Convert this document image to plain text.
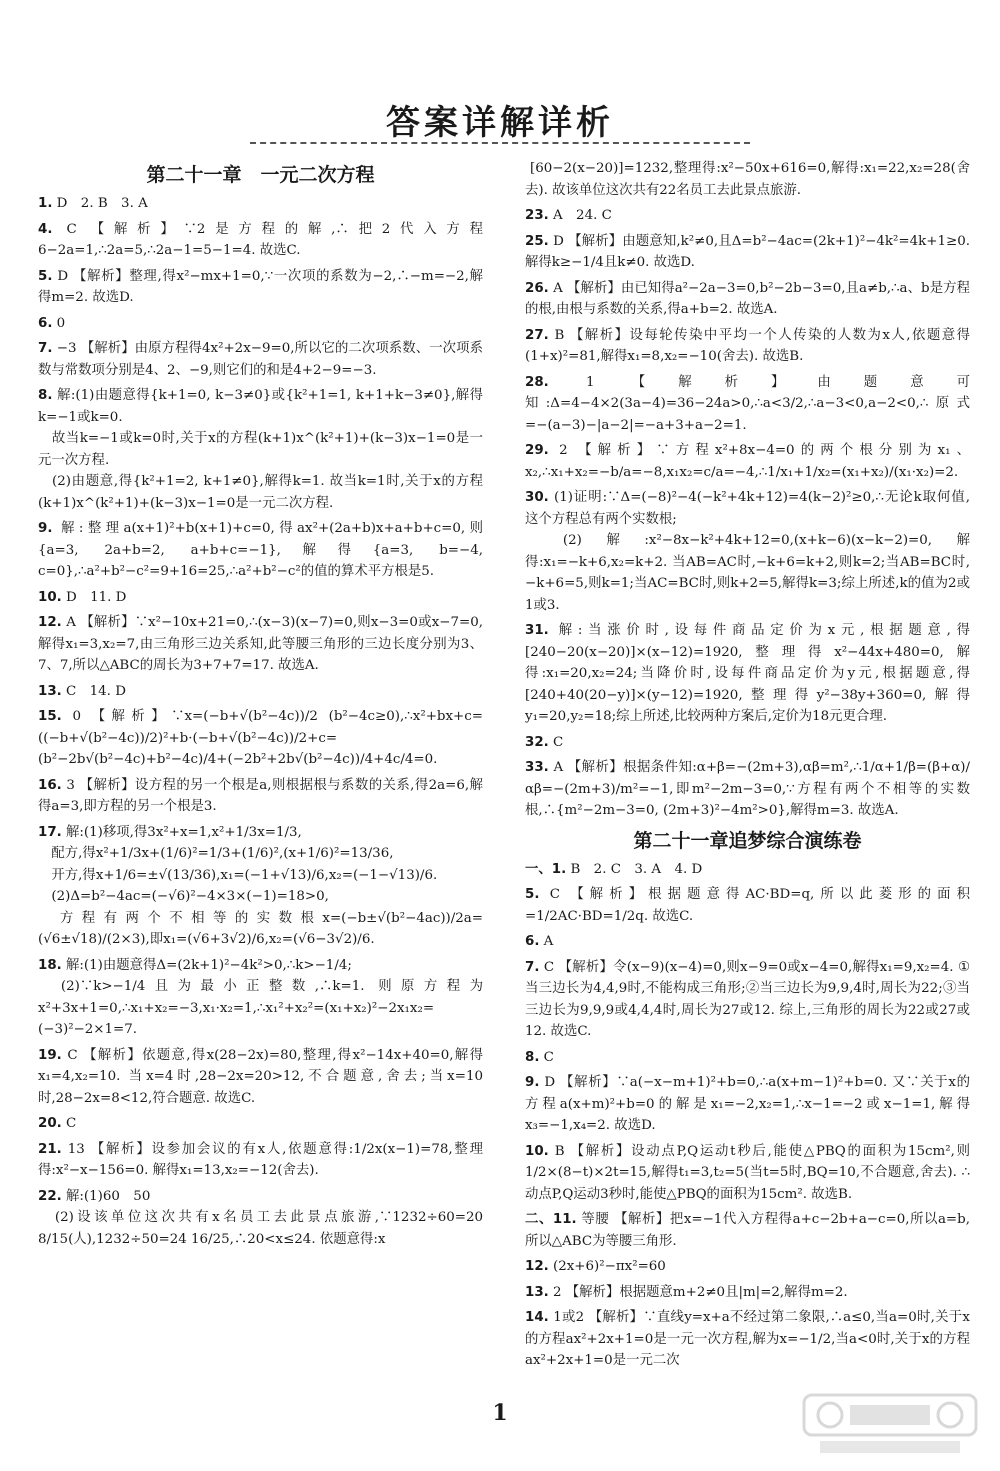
答案详解详析
第二十一章　一元二次方程

1. D　2. B　3. A

4. C 【解析】∵2是方程的解,∴把2代入方程6−2a=1,∴2a=5,∴2a−1=5−1=4. 故选C.

5. D 【解析】整理,得x²−mx+1=0,∵一次项的系数为−2,∴−m=−2,解得m=2. 故选D.

6. 0

7. −3 【解析】由原方程得4x²+2x−9=0,所以它的二次项系数、一次项系数与常数项分别是4、2、−9,则它们的和是4+2−9=−3.

8. 解:(1)由题意得{k+1=0, k−3≠0}或{k²+1=1, k+1+k−3≠0},解得k=−1或k=0.
　故当k=−1或k=0时,关于x的方程(k+1)x^(k²+1)+(k−3)x−1=0是一元一次方程.
　(2)由题意,得{k²+1=2, k+1≠0},解得k=1. 故当k=1时,关于x的方程(k+1)x^(k²+1)+(k−3)x−1=0是一元二次方程.

9. 解:整理a(x+1)²+b(x+1)+c=0,得ax²+(2a+b)x+a+b+c=0,则{a=3, 2a+b=2, a+b+c=−1},解得{a=3, b=−4, c=0},∴a²+b²−c²=9+16=25,∴a²+b²−c²的值的算术平方根是5.

10. D　11. D

12. A 【解析】∵x²−10x+21=0,∴(x−3)(x−7)=0,则x−3=0或x−7=0,解得x₁=3,x₂=7,由三角形三边关系知,此等腰三角形的三边长度分别为3、7、7,所以△ABC的周长为3+7+7=17. 故选A.

13. C　14. D

15. 0 【解析】∵x=(−b+√(b²−4c))/2 (b²−4c≥0),∴x²+bx+c=((−b+√(b²−4c))/2)²+b·(−b+√(b²−4c))/2+c=(b²−2b√(b²−4c)+b²−4c)/4+(−2b²+2b√(b²−4c))/4+4c/4=0.

16. 3 【解析】设方程的另一个根是a,则根据根与系数的关系,得2a=6,解得a=3,即方程的另一个根是3.

17. 解:(1)移项,得3x²+x=1,x²+1/3x=1/3,
　配方,得x²+1/3x+(1/6)²=1/3+(1/6)²,(x+1/6)²=13/36,
　开方,得x+1/6=±√(13/36),x₁=(−1+√13)/6,x₂=(−1−√13)/6.
　(2)Δ=b²−4ac=(−√6)²−4×3×(−1)=18>0,
　方程有两个不相等的实数根x=(−b±√(b²−4ac))/2a=(√6±√18)/(2×3),即x₁=(√6+3√2)/6,x₂=(√6−3√2)/6.

18. 解:(1)由题意得Δ=(2k+1)²−4k²>0,∴k>−1/4;
　(2)∵k>−1/4且为最小正整数,∴k=1. 则原方程为x²+3x+1=0,∴x₁+x₂=−3,x₁·x₂=1,∴x₁²+x₂²=(x₁+x₂)²−2x₁x₂=(−3)²−2×1=7.

19. C 【解析】依题意,得x(28−2x)=80,整理,得x²−14x+40=0,解得x₁=4,x₂=10. 当x=4时,28−2x=20>12,不合题意,舍去;当x=10时,28−2x=8<12,符合题意. 故选C.

20. C

21. 13 【解析】设参加会议的有x人,依题意得:1/2x(x−1)=78,整理得:x²−x−156=0. 解得x₁=13,x₂=−12(舍去).

22. 解:(1)60　50
　(2)设该单位这次共有x名员工去此景点旅游,∵1232÷60=20 8/15(人),1232÷50=24 16/25,∴20<x≤24. 依题意得:x

[60−2(x−20)]=1232,整理得:x²−50x+616=0,解得:x₁=22,x₂=28(舍去). 故该单位这次共有22名员工去此景点旅游.

23. A　24. C

25. D 【解析】由题意知,k²≠0,且Δ=b²−4ac=(2k+1)²−4k²=4k+1≥0. 解得k≥−1/4且k≠0. 故选D.

26. A 【解析】由已知得a²−2a−3=0,b²−2b−3=0,且a≠b,∴a、b是方程的根,由根与系数的关系,得a+b=2. 故选A.

27. B 【解析】设每轮传染中平均一个人传染的人数为x人,依题意得(1+x)²=81,解得x₁=8,x₂=−10(舍去). 故选B.

28.	1 【解析】由题意可知:Δ=4−4×2(3a−4)=36−24a>0,∴a<3/2,∴a−3<0,a−2<0,∴原式=−(a−3)−|a−2|=−a+3+a−2=1.

29. 2 【解析】∵方程x²+8x−4=0的两个根分别为x₁、x₂,∴x₁+x₂=−b/a=−8,x₁x₂=c/a=−4,∴1/x₁+1/x₂=(x₁+x₂)/(x₁·x₂)=2.

30. (1)证明:∵Δ=(−8)²−4(−k²+4k+12)=4(k−2)²≥0,∴无论k取何值,这个方程总有两个实数根;
　(2)解:x²−8x−k²+4k+12=0,(x+k−6)(x−k−2)=0,解得:x₁=−k+6,x₂=k+2. 当AB=AC时,−k+6=k+2,则k=2;当AB=BC时,−k+6=5,则k=1;当AC=BC时,则k+2=5,解得k=3;综上所述,k的值为2或1或3.

31. 解:当涨价时,设每件商品定价为x元,根据题意,得[240−20(x−20)]×(x−12)=1920,整理得x²−44x+480=0,解得:x₁=20,x₂=24;当降价时,设每件商品定价为y元,根据题意,得[240+40(20−y)]×(y−12)=1920,整理得y²−38y+360=0,解得y₁=20,y₂=18;综上所述,比较两种方案后,定价为18元更合理.

32. C

33. A 【解析】根据条件知:α+β=−(2m+3),αβ=m²,∴1/α+1/β=(β+α)/αβ=−(2m+3)/m²=−1,即m²−2m−3=0,∵方程有两个不相等的实数根,∴{m²−2m−3=0, (2m+3)²−4m²>0},解得m=3. 故选A.

第二十一章追梦综合演练卷

一、1. B　2. C　3. A　4. D

5. C 【解析】根据题意得AC·BD=q,所以此菱形的面积=1/2AC·BD=1/2q. 故选C.

6. A

7. C 【解析】令(x−9)(x−4)=0,则x−9=0或x−4=0,解得x₁=9,x₂=4. ①当三边长为4,4,9时,不能构成三角形;②当三边长为9,9,4时,周长为22;③当三边长为9,9,9或4,4,4时,周长为27或12. 综上,三角形的周长为22或27或12. 故选C.

8. C

9. D 【解析】∵a(−x−m+1)²+b=0,∴a(x+m−1)²+b=0. 又∵关于x的方程a(x+m)²+b=0的解是x₁=−2,x₂=1,∴x−1=−2或x−1=1,解得x₃=−1,x₄=2. 故选D.

10. B 【解析】设动点P,Q运动t秒后,能使△PBQ的面积为15cm²,则1/2×(8−t)×2t=15,解得t₁=3,t₂=5(当t=5时,BQ=10,不合题意,舍去). ∴动点P,Q运动3秒时,能使△PBQ的面积为15cm². 故选B.

二、11. 等腰 【解析】把x=−1代入方程得a+c−2b+a−c=0,所以a=b,所以△ABC为等腰三角形.

12. (2x+6)²−πx²=60

13. 2 【解析】根据题意m+2≠0且|m|=2,解得m=2.

14. 1或2 【解析】∵直线y=x+a不经过第二象限,∴a≤0,当a=0时,关于x的方程ax²+2x+1=0是一元一次方程,解为x=−1/2,当a<0时,关于x的方程ax²+2x+1=0是一元二次

1
